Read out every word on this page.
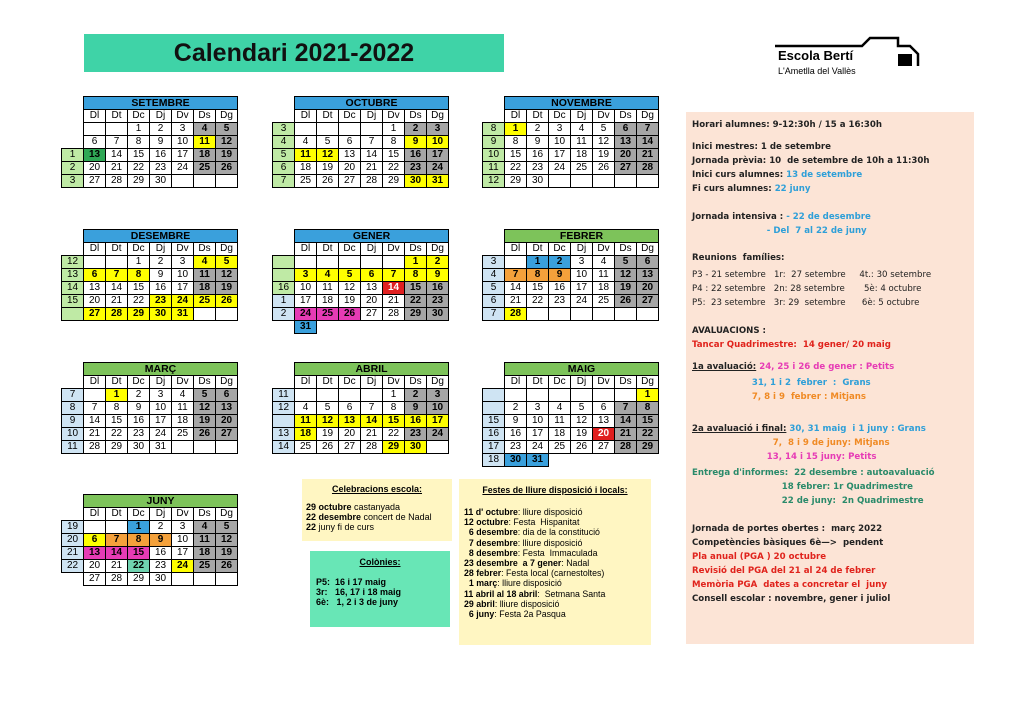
Calendari 2021-2022	Escola Bertí
L'Ametlla del Vallès
	SETEMBRE						
	Dl	Dt	Dc	Dj	Dv	Ds	Dg
			1	2	3	4	5
	6	7	8	9	10	11	12
1	13	14	15	16	17	18	19
2	20	21	22	23	24	25	26
3	27	28	29	30			
	OCTUBRE						
	Dl	Dt	Dc	Dj	Dv	Ds	Dg
3					1	2	3
4	4	5	6	7	8	9	10
5	11	12	13	14	15	16	17
6	18	19	20	21	22	23	24
7	25	26	27	28	29	30	31
	NOVEMBRE						
	Dl	Dt	Dc	Dj	Dv	Ds	Dg
8	1	2	3	4	5	6	7
9	8	9	10	11	12	13	14
10	15	16	17	18	19	20	21
11	22	23	24	25	26	27	28
12	29	30					
	DESEMBRE						
	Dl	Dt	Dc	Dj	Dv	Ds	Dg
12			1	2	3	4	5
13	6	7	8	9	10	11	12
14	13	14	15	16	17	18	19
15	20	21	22	23	24	25	26
	27	28	29	30	31		
	GENER						
	Dl	Dt	Dc	Dj	Dv	Ds	Dg
						1	2
	3	4	5	6	7	8	9
16	10	11	12	13	14	15	16
1	17	18	19	20	21	22	23
2	24	25	26	27	28	29	30
	31						
	FEBRER						
	Dl	Dt	Dc	Dj	Dv	Ds	Dg
3		1	2	3	4	5	6
4	7	8	9	10	11	12	13
5	14	15	16	17	18	19	20
6	21	22	23	24	25	26	27
7	28						
	MARÇ						
	Dl	Dt	Dc	Dj	Dv	Ds	Dg
7		1	2	3	4	5	6
8	7	8	9	10	11	12	13
9	14	15	16	17	18	19	20
10	21	22	23	24	25	26	27
11	28	29	30	31			
	ABRIL						
	Dl	Dt	Dc	Dj	Dv	Ds	Dg
11					1	2	3
12	4	5	6	7	8	9	10
	11	12	13	14	15	16	17
13	18	19	20	21	22	23	24
14	25	26	27	28	29	30	
	MAIG						
	Dl	Dt	Dc	Dj	Dv	Ds	Dg
							1
	2	3	4	5	6	7	8
15	9	10	11	12	13	14	15
16	16	17	18	19	20	21	22
17	23	24	25	26	27	28	29
18	30	31					
	JUNY						
	Dl	Dt	Dc	Dj	Dv	Ds	Dg
19			1	2	3	4	5
20	6	7	8	9	10	11	12
21	13	14	15	16	17	18	19
22	20	21	22	23	24	25	26
	27	28	29	30			
Celebracions escola:
29 octubre castanyada
22 desembre concert de Nadal
22 juny fi de curs
Colònies:
P5:  16 i 17 maig
3r:   16, 17 i 18 maig
6è:   1, 2 i 3 de juny
Festes de lliure disposició i locals:
11 d' octubre: lliure disposició
12 octubre: Festa  Hispanitat
6 desembre: dia de la constitució
7 desembre: lliure disposició
8 desembre: Festa  Immaculada
23 desembre  a 7 gener: Nadal
28 febrer: Festa local (carnestoltes)
1 març: lliure disposició
11 abril al 18 abril:  Setmana Santa
29 abril: lliure disposició
6 juny: Festa 2a Pasqua
Horari alumnes: 9-12:30h / 15 a 16:30h
Inici mestres: 1 de setembre
Jornada prèvia: 10  de setembre de 10h a 11:30h
Inici curs alumnes: 13 de setembre
Fi curs alumnes: 22 juny
Jornada intensiva : - 22 de desembre
- Del  7 al 22 de juny
Reunions  famílies:
P3 - 21 setembre   1r:  27 setembre     4t.: 30 setembre
P4 : 22 setembre   2n: 28 setembre       5è: 4 octubre
P5:  23 setembre   3r: 29  setembre      6è: 5 octubre
AVALUACIONS :
Tancar Quadrimestre:  14 gener/ 20 maig
1a avaluació: 24, 25 i 26 de gener : Petits
31, 1 i 2  febrer  :  Grans
7, 8 i 9  febrer : Mitjans
2a avaluació i final: 30, 31 maig  i 1 juny : Grans
7,  8 i 9 de juny: Mitjans
13, 14 i 15 juny: Petits
Entrega d'informes:  22 desembre : autoavaluació
18 febrer: 1r Quadrimestre
22 de juny:  2n Quadrimestre
Jornada de portes obertes :  març 2022
Competències bàsiques 6è—>  pendent
Pla anual (PGA ) 20 octubre
Revisió del PGA del 21 al 24 de febrer
Memòria PGA  dates a concretar el  juny
Consell escolar : novembre, gener i juliol
